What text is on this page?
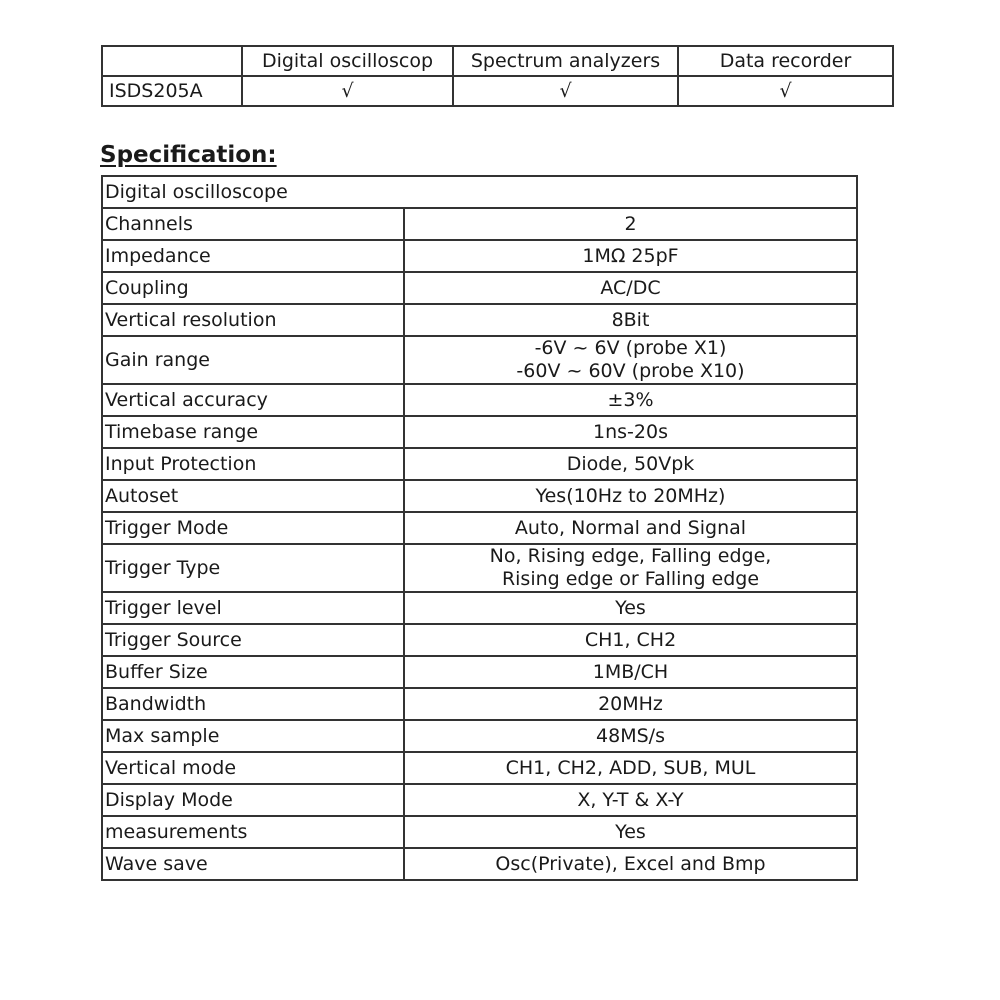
	Digital oscilloscop	Spectrum analyzers	Data recorder
ISDS205A	√	√	√
Specification:
Digital oscilloscope	
Channels	2

Impedance	1MΩ 25pF

Coupling	AC/DC

Vertical resolution	8Bit

Gain range	-6V ~ 6V (probe X1)
-60V ~ 60V (probe X10)

Vertical accuracy	±3%

Timebase range	1ns-20s

Input Protection	Diode, 50Vpk

Autoset	Yes(10Hz to 20MHz)

Trigger Mode	Auto, Normal and Signal

Trigger Type	No, Rising edge, Falling edge,
Rising edge or Falling edge

Trigger level	Yes

Trigger Source	CH1, CH2

Buffer Size	1MB/CH

Bandwidth	20MHz

Max sample	48MS/s

Vertical mode	CH1, CH2, ADD, SUB, MUL

Display Mode	X, Y-T & X-Y

measurements	Yes

Wave save	Osc(Private), Excel and Bmp
